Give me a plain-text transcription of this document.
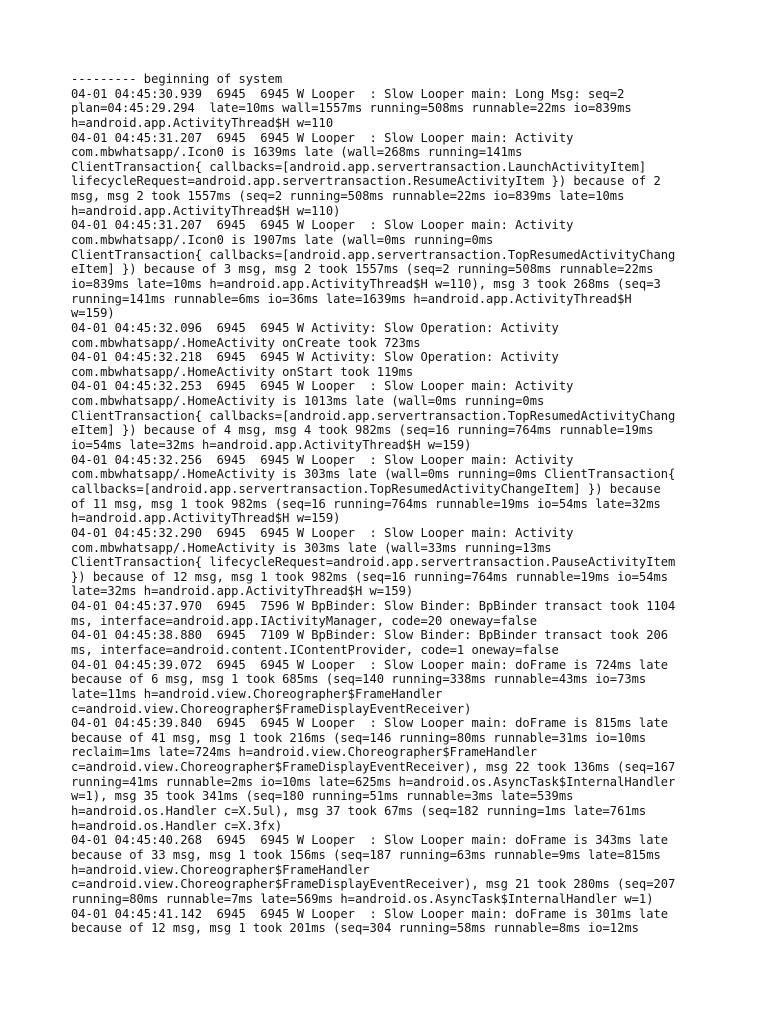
--------- beginning of system
04-01 04:45:30.939  6945  6945 W Looper  : Slow Looper main: Long Msg: seq=2
plan=04:45:29.294  late=10ms wall=1557ms running=508ms runnable=22ms io=839ms
h=android.app.ActivityThread$H w=110
04-01 04:45:31.207  6945  6945 W Looper  : Slow Looper main: Activity
com.mbwhatsapp/.Icon0 is 1639ms late (wall=268ms running=141ms
ClientTransaction{ callbacks=[android.app.servertransaction.LaunchActivityItem]
lifecycleRequest=android.app.servertransaction.ResumeActivityItem }) because of 2
msg, msg 2 took 1557ms (seq=2 running=508ms runnable=22ms io=839ms late=10ms
h=android.app.ActivityThread$H w=110)
04-01 04:45:31.207  6945  6945 W Looper  : Slow Looper main: Activity
com.mbwhatsapp/.Icon0 is 1907ms late (wall=0ms running=0ms
ClientTransaction{ callbacks=[android.app.servertransaction.TopResumedActivityChang
eItem] }) because of 3 msg, msg 2 took 1557ms (seq=2 running=508ms runnable=22ms
io=839ms late=10ms h=android.app.ActivityThread$H w=110), msg 3 took 268ms (seq=3
running=141ms runnable=6ms io=36ms late=1639ms h=android.app.ActivityThread$H
w=159)
04-01 04:45:32.096  6945  6945 W Activity: Slow Operation: Activity
com.mbwhatsapp/.HomeActivity onCreate took 723ms
04-01 04:45:32.218  6945  6945 W Activity: Slow Operation: Activity
com.mbwhatsapp/.HomeActivity onStart took 119ms
04-01 04:45:32.253  6945  6945 W Looper  : Slow Looper main: Activity
com.mbwhatsapp/.HomeActivity is 1013ms late (wall=0ms running=0ms
ClientTransaction{ callbacks=[android.app.servertransaction.TopResumedActivityChang
eItem] }) because of 4 msg, msg 4 took 982ms (seq=16 running=764ms runnable=19ms
io=54ms late=32ms h=android.app.ActivityThread$H w=159)
04-01 04:45:32.256  6945  6945 W Looper  : Slow Looper main: Activity
com.mbwhatsapp/.HomeActivity is 303ms late (wall=0ms running=0ms ClientTransaction{
callbacks=[android.app.servertransaction.TopResumedActivityChangeItem] }) because
of 11 msg, msg 1 took 982ms (seq=16 running=764ms runnable=19ms io=54ms late=32ms
h=android.app.ActivityThread$H w=159)
04-01 04:45:32.290  6945  6945 W Looper  : Slow Looper main: Activity
com.mbwhatsapp/.HomeActivity is 303ms late (wall=33ms running=13ms
ClientTransaction{ lifecycleRequest=android.app.servertransaction.PauseActivityItem
}) because of 12 msg, msg 1 took 982ms (seq=16 running=764ms runnable=19ms io=54ms
late=32ms h=android.app.ActivityThread$H w=159)
04-01 04:45:37.970  6945  7596 W BpBinder: Slow Binder: BpBinder transact took 1104
ms, interface=android.app.IActivityManager, code=20 oneway=false
04-01 04:45:38.880  6945  7109 W BpBinder: Slow Binder: BpBinder transact took 206
ms, interface=android.content.IContentProvider, code=1 oneway=false
04-01 04:45:39.072  6945  6945 W Looper  : Slow Looper main: doFrame is 724ms late
because of 6 msg, msg 1 took 685ms (seq=140 running=338ms runnable=43ms io=73ms
late=11ms h=android.view.Choreographer$FrameHandler
c=android.view.Choreographer$FrameDisplayEventReceiver)
04-01 04:45:39.840  6945  6945 W Looper  : Slow Looper main: doFrame is 815ms late
because of 41 msg, msg 1 took 216ms (seq=146 running=80ms runnable=31ms io=10ms
reclaim=1ms late=724ms h=android.view.Choreographer$FrameHandler
c=android.view.Choreographer$FrameDisplayEventReceiver), msg 22 took 136ms (seq=167
running=41ms runnable=2ms io=10ms late=625ms h=android.os.AsyncTask$InternalHandler
w=1), msg 35 took 341ms (seq=180 running=51ms runnable=3ms late=539ms
h=android.os.Handler c=X.5ul), msg 37 took 67ms (seq=182 running=1ms late=761ms
h=android.os.Handler c=X.3fx)
04-01 04:45:40.268  6945  6945 W Looper  : Slow Looper main: doFrame is 343ms late
because of 33 msg, msg 1 took 156ms (seq=187 running=63ms runnable=9ms late=815ms
h=android.view.Choreographer$FrameHandler
c=android.view.Choreographer$FrameDisplayEventReceiver), msg 21 took 280ms (seq=207
running=80ms runnable=7ms late=569ms h=android.os.AsyncTask$InternalHandler w=1)
04-01 04:45:41.142  6945  6945 W Looper  : Slow Looper main: doFrame is 301ms late
because of 12 msg, msg 1 took 201ms (seq=304 running=58ms runnable=8ms io=12ms
